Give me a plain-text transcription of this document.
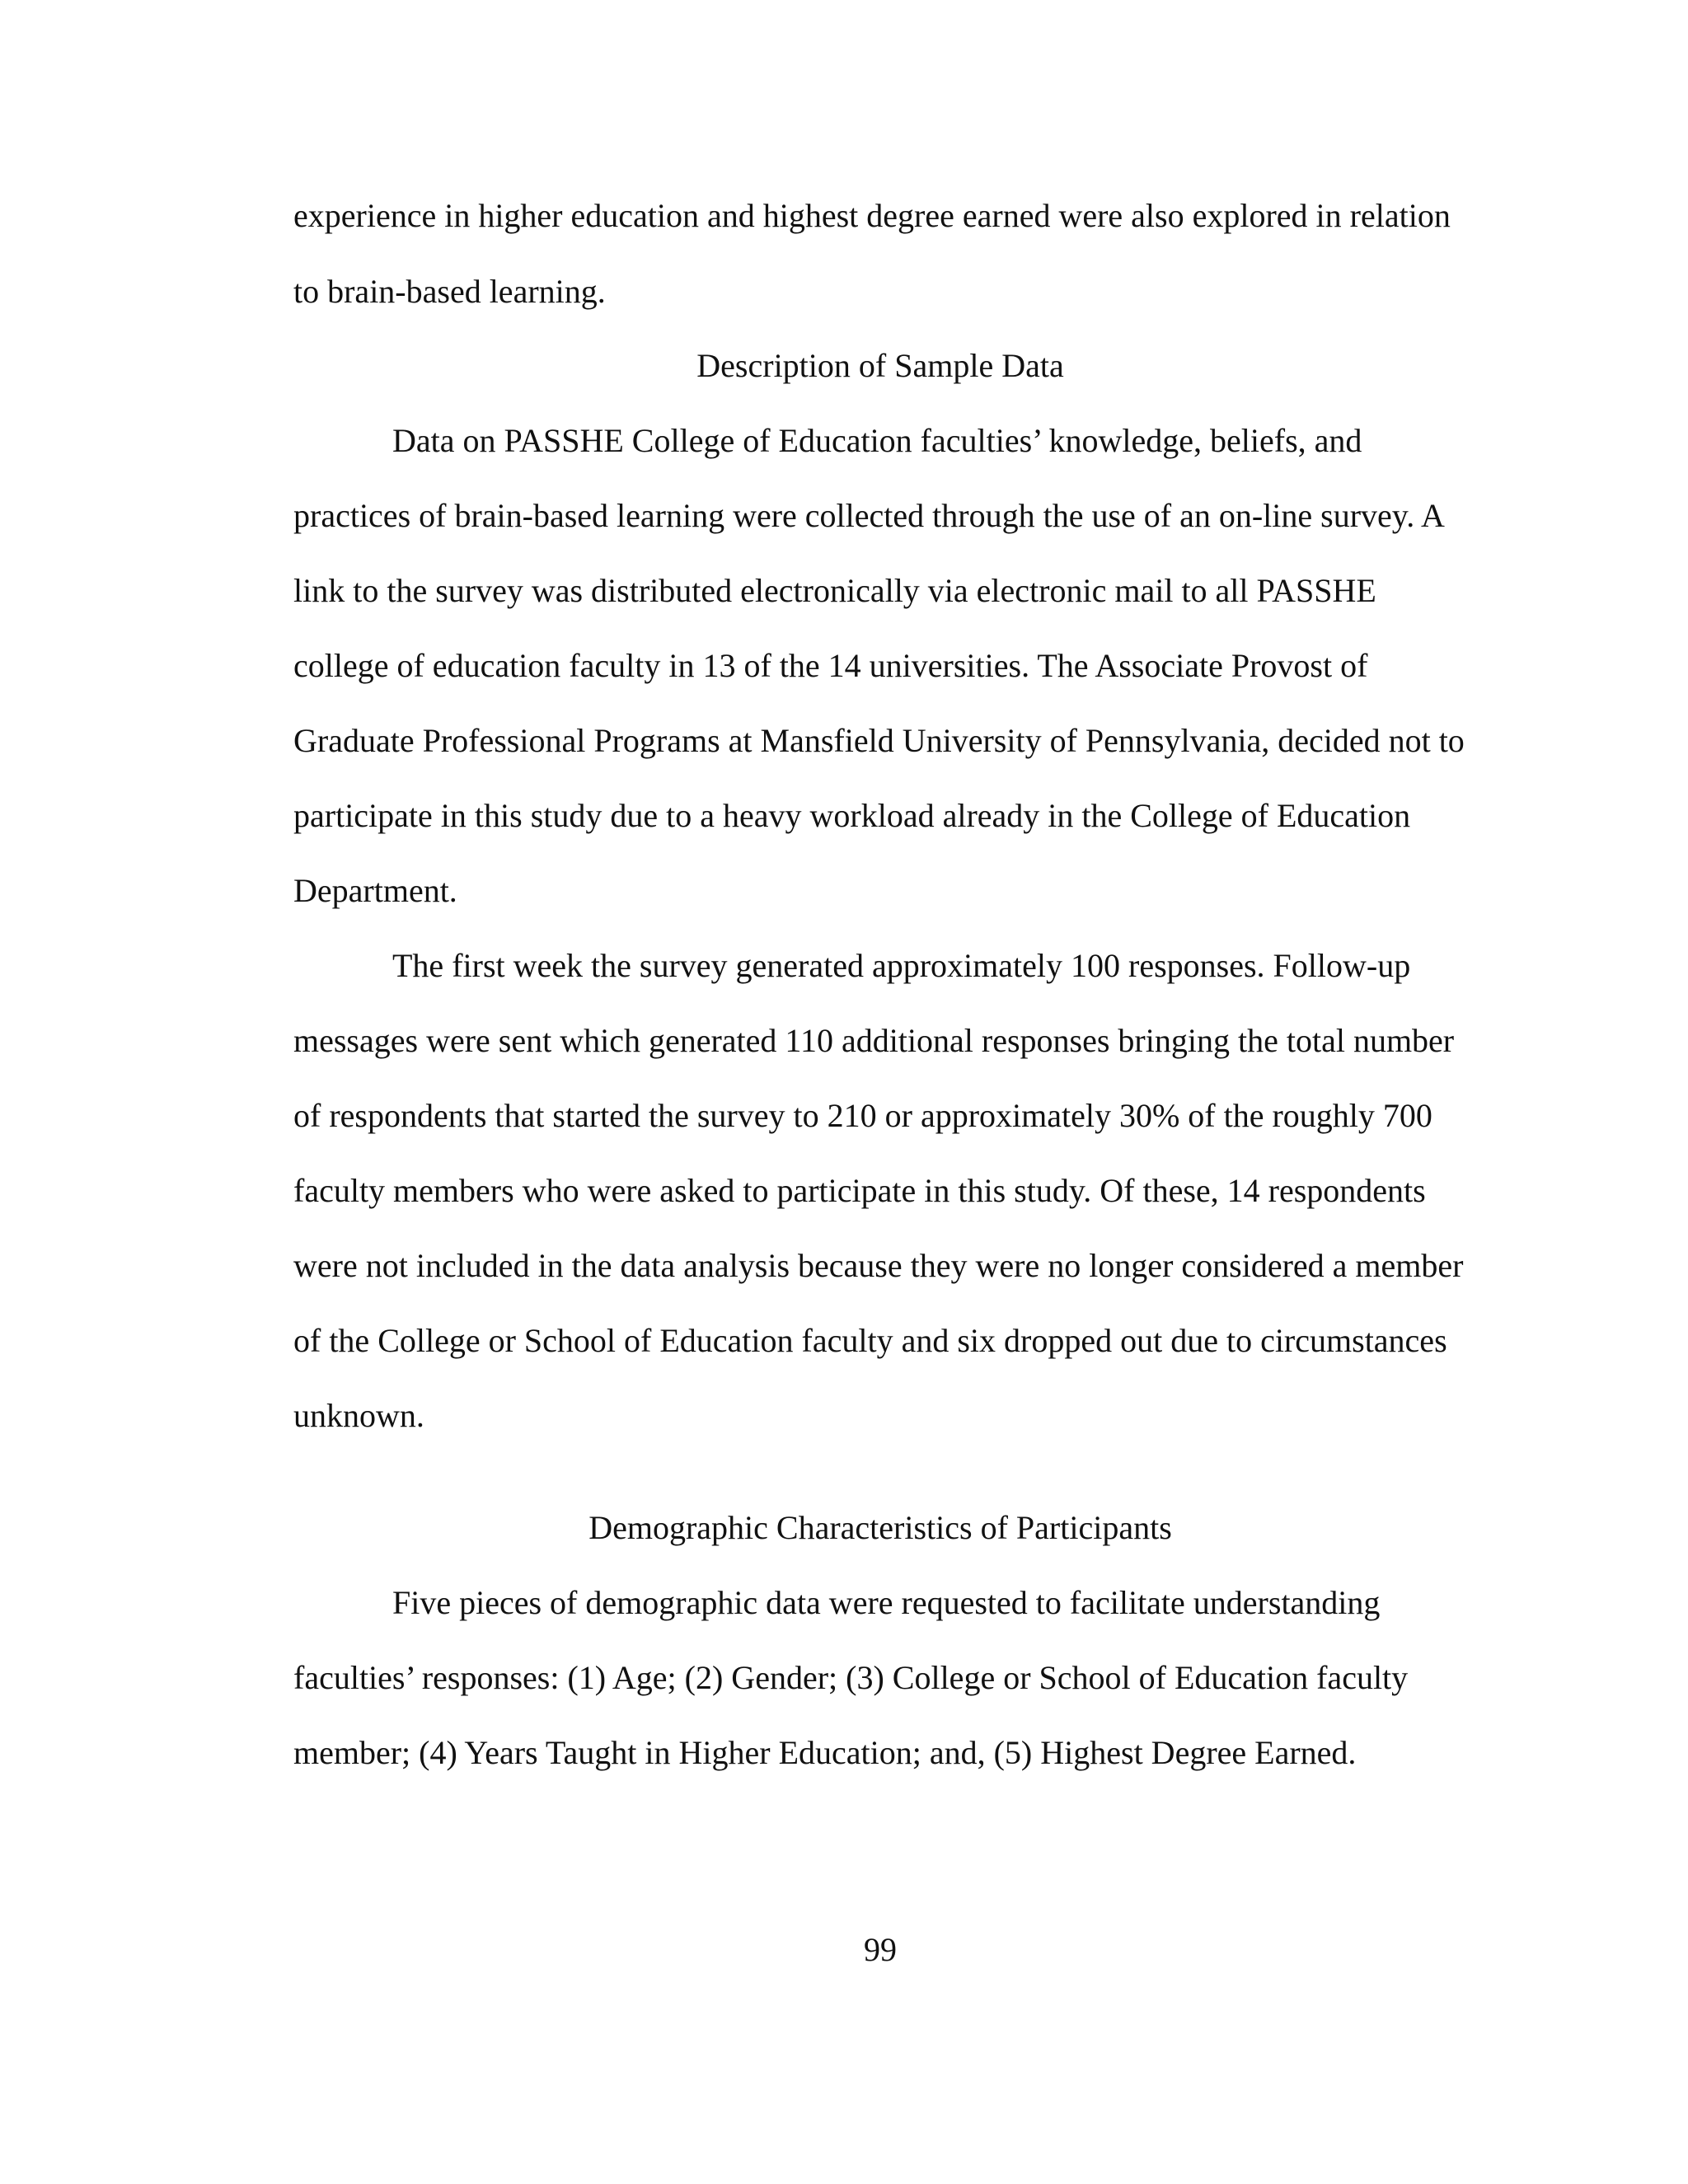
experience in higher education and highest degree earned were also explored in relation
to brain-based learning.
Description of Sample Data
Data on PASSHE College of Education faculties’ knowledge, beliefs, and
practices of brain-based learning were collected through the use of an on-line survey. A
link to the survey was distributed electronically via electronic mail to all PASSHE
college of education faculty in 13 of the 14 universities. The Associate Provost of
Graduate Professional Programs at Mansfield University of Pennsylvania, decided not to
participate in this study due to a heavy workload already in the College of Education
Department.
The first week the survey generated approximately 100 responses. Follow-up
messages were sent which generated 110 additional responses bringing the total number
of respondents that started the survey to 210 or approximately 30% of the roughly 700
faculty members who were asked to participate in this study. Of these, 14 respondents
were not included in the data analysis because they were no longer considered a member
of the College or School of Education faculty and six dropped out due to circumstances
unknown.
Demographic Characteristics of Participants
Five pieces of demographic data were requested to facilitate understanding
faculties’ responses: (1) Age; (2) Gender; (3) College or School of Education faculty
member; (4) Years Taught in Higher Education; and, (5) Highest Degree Earned.
99
